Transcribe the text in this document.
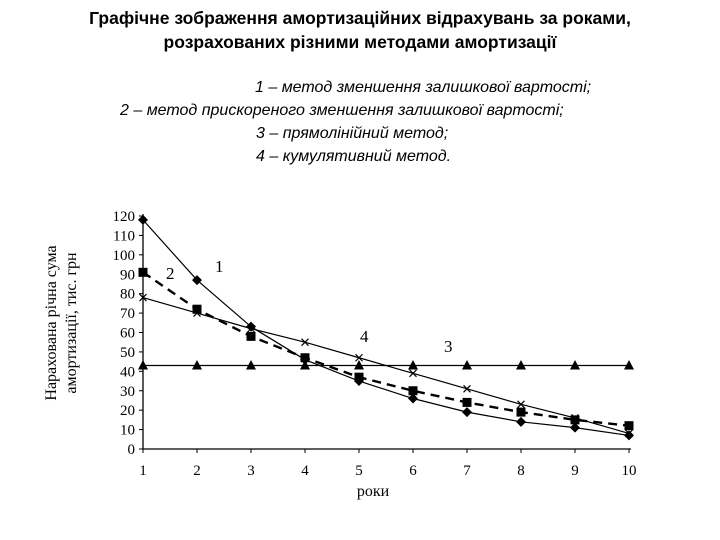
Графічне зображення амортизаційних відрахувань за роками,
розрахованих різними методами амортизації
1 – метод зменшення залишкової вартості;
2 – метод прискореного зменшення залишкової вартості;
3 – прямолінійний метод;
4 – кумулятивний метод.
0
10
20
30
40
50
60
70
80
90
100
110
120
1	2	3	4	5	6	7	8	9	10
1
2
3
4
роки
Нарахована річна сума амортизації, тис. грн
